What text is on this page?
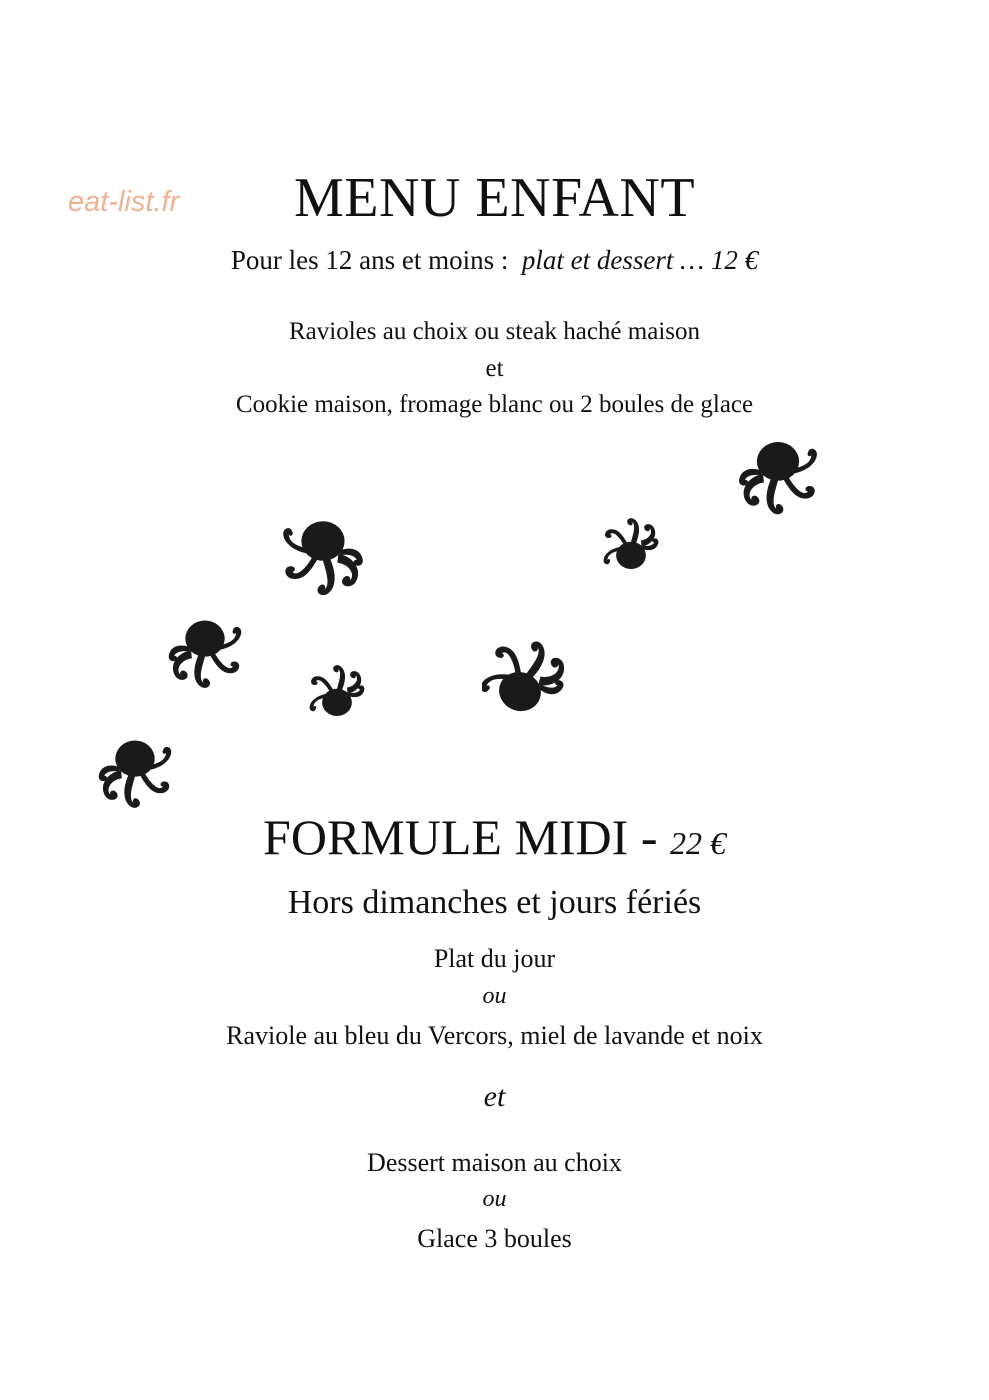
eat-list.fr	MENU ENFANT
Pour les 12 ans et moins : plat et dessert … 12 €
Ravioles au choix ou steak haché maison
et
Cookie maison, fromage blanc ou 2 boules de glace
FORMULE MIDI - 22 €
Hors dimanches et jours fériés
Plat du jour
ou
Raviole au bleu du Vercors, miel de lavande et noix
et
Dessert maison au choix
ou
Glace 3 boules
